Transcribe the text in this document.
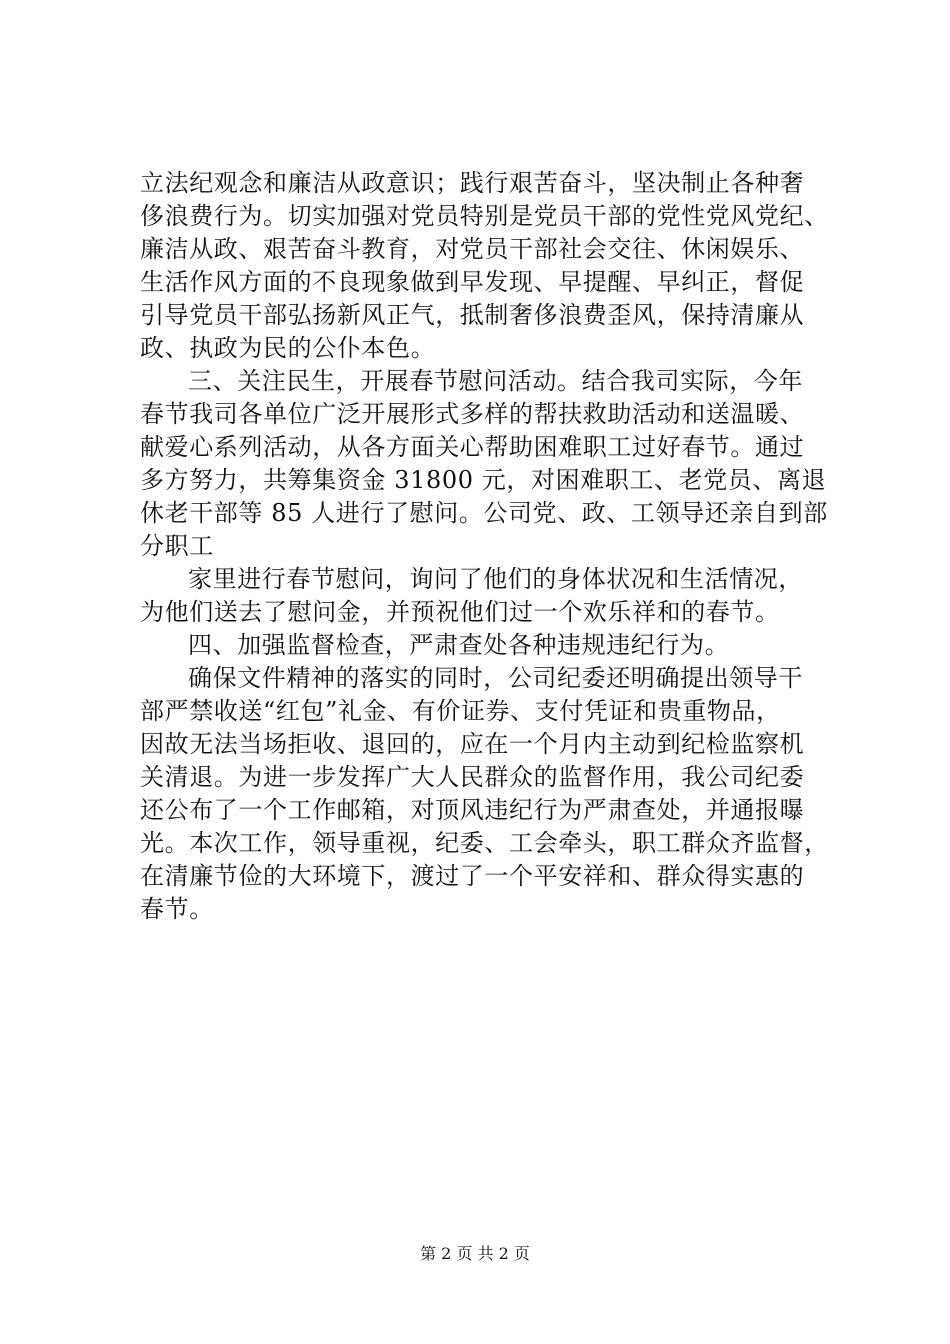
立法纪观念和廉洁从政意识；践行艰苦奋斗，坚决制止各种奢
侈浪费行为。切实加强对党员特别是党员干部的党性党风党纪、
廉洁从政、艰苦奋斗教育，对党员干部社会交往、休闲娱乐、
生活作风方面的不良现象做到早发现、早提醒、早纠正，督促
引导党员干部弘扬新风正气，抵制奢侈浪费歪风，保持清廉从
政、执政为民的公仆本色。
三、关注民生，开展春节慰问活动。结合我司实际，今年
春节我司各单位广泛开展形式多样的帮扶救助活动和送温暖、
献爱心系列活动，从各方面关心帮助困难职工过好春节。通过
多方努力，共筹集资金 31800 元，对困难职工、老党员、离退
休老干部等 85 人进行了慰问。公司党、政、工领导还亲自到部
分职工
家里进行春节慰问，询问了他们的身体状况和生活情况，
为他们送去了慰问金，并预祝他们过一个欢乐祥和的春节。
四、加强监督检查，严肃查处各种违规违纪行为。
确保文件精神的落实的同时，公司纪委还明确提出领导干
部严禁收送“红包”礼金、有价证券、支付凭证和贵重物品，
因故无法当场拒收、退回的，应在一个月内主动到纪检监察机
关清退。为进一步发挥广大人民群众的监督作用，我公司纪委
还公布了一个工作邮箱，对顶风违纪行为严肃查处，并通报曝
光。本次工作，领导重视，纪委、工会牵头，职工群众齐监督，
在清廉节俭的大环境下，渡过了一个平安祥和、群众得实惠的
春节。
第 2 页 共 2 页
